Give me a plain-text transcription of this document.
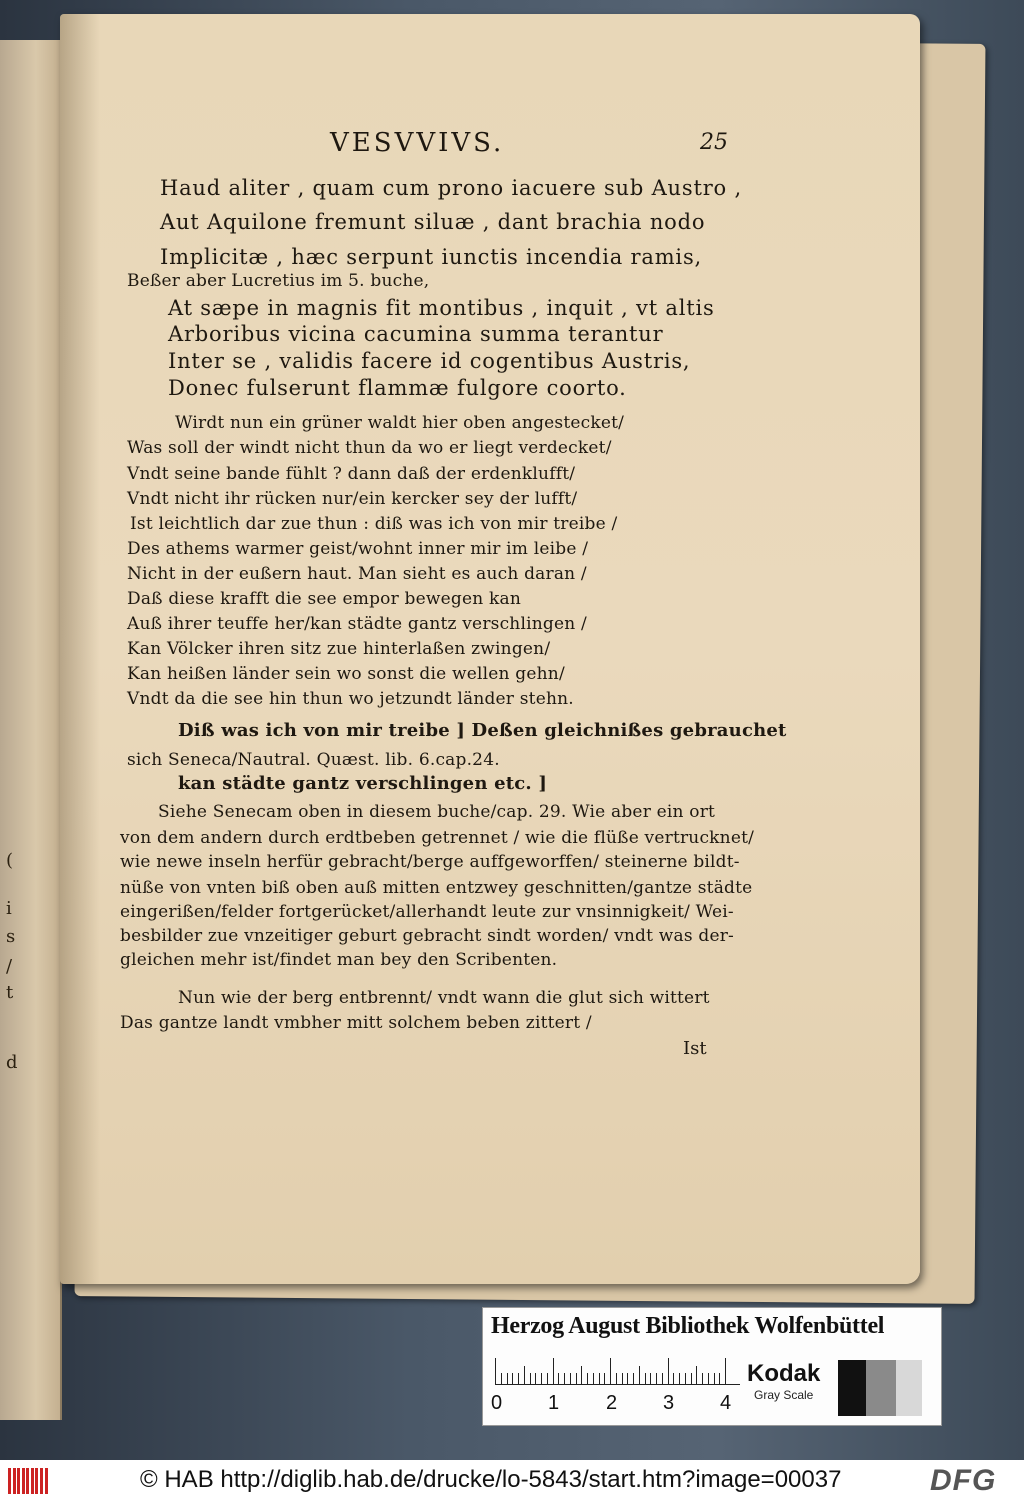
(
i
s
/
t
d
VESVVIVS.	25
Haud aliter , quam cum prono iacuere sub Austro ,
Aut Aquilone fremunt siluæ , dant brachia nodo
Implicitæ , hæc serpunt iunctis incendia ramis,
Beßer aber Lucretius im 5. buche,
At sæpe in magnis fit montibus , inquit , vt altis
Arboribus vicina cacumina summa terantur
Inter se , validis facere id cogentibus Austris,
Donec fulserunt flammæ fulgore coorto.
Wirdt nun ein grüner waldt hier oben angestecket/
Was soll der windt nicht thun da wo er liegt verdecket/
Vndt seine bande fühlt ? dann daß der erdenklufft/
Vndt nicht ihr rücken nur/ein kercker sey der lufft/
Ist leichtlich dar zue thun : diß was ich von mir treibe /
Des athems warmer geist/wohnt inner mir im leibe /
Nicht in der eußern haut. Man sieht es auch daran /
Daß diese krafft die see empor bewegen kan
Auß ihrer teuffe her/kan städte gantz verschlingen /
Kan Völcker ihren sitz zue hinterlaßen zwingen/
Kan heißen länder sein wo sonst die wellen gehn/
Vndt da die see hin thun wo jetzundt länder stehn.
Diß was ich von mir treibe ] Deßen gleichnißes gebrauchet
sich Seneca/Nautral. Quæst. lib. 6.cap.24.
kan städte gantz verschlingen etc. ]
Siehe Senecam oben in diesem buche/cap. 29. Wie aber ein ort
von dem andern durch erdtbeben getrennet / wie die flüße vertrucknet/
wie newe inseln herfür gebracht/berge auffgeworffen/ steinerne bildt-
nüße von vnten biß oben auß mitten entzwey geschnitten/gantze städte
eingerißen/felder fortgerücket/allerhandt leute zur vnsinnigkeit/ Wei-
besbilder zue vnzeitiger geburt gebracht sindt worden/ vndt was der-
gleichen mehr ist/findet man bey den Scribenten.
Nun wie der berg entbrennt/ vndt wann die glut sich wittert
Das gantze landt vmbher mitt solchem beben zittert /
Ist
Herzog August Bibliothek Wolfenbüttel
0 1 2 3 4
Kodak
Gray Scale
© HAB http://diglib.hab.de/drucke/lo-5843/start.htm?image=00037	DFG
